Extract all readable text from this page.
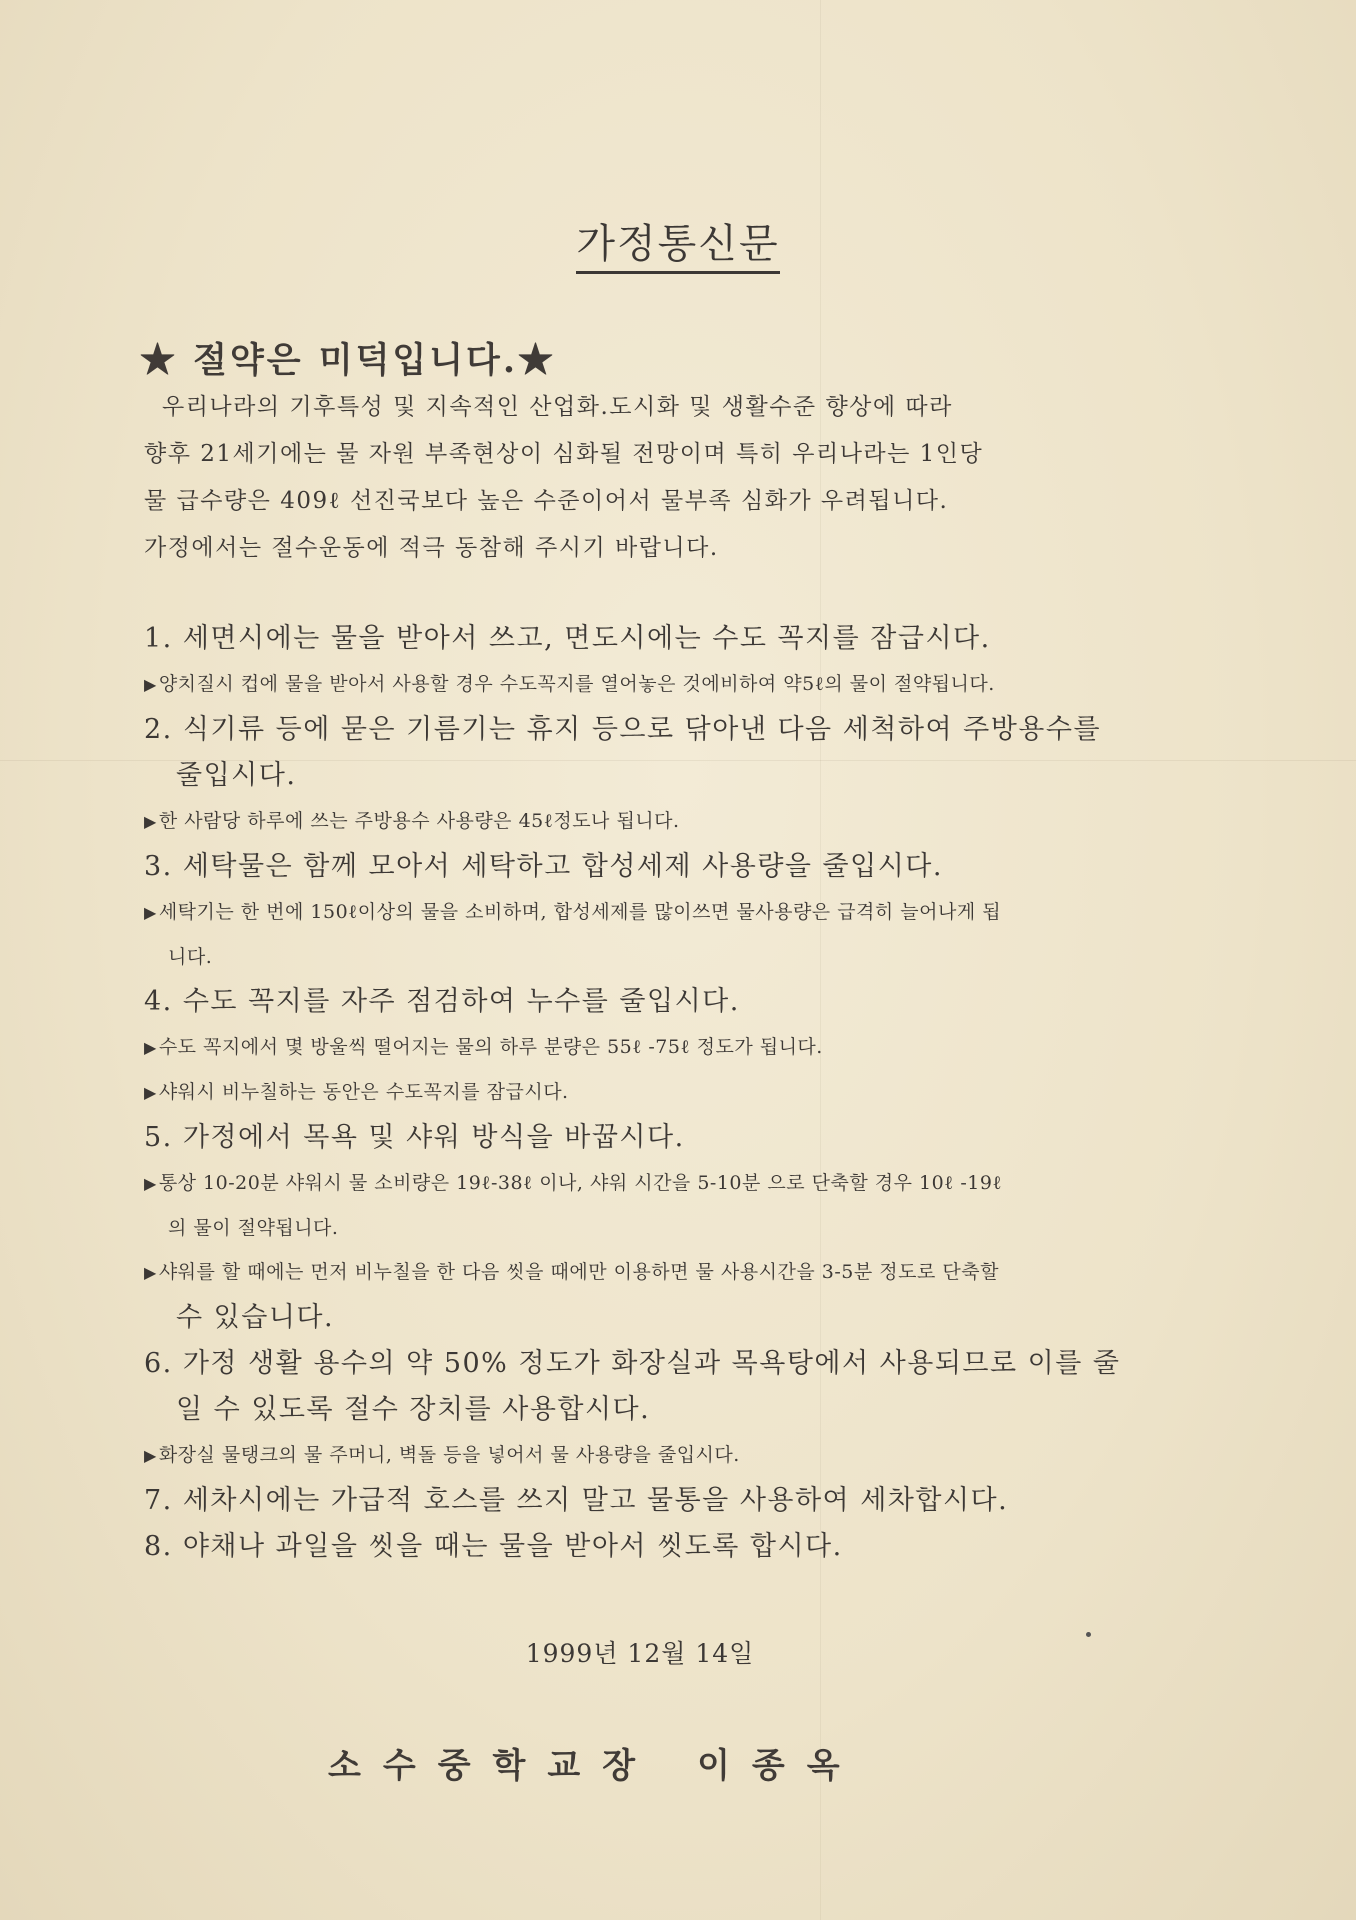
가정통신문
★ 절약은 미덕입니다.★
우리나라의 기후특성 및 지속적인 산업화.도시화 및 생활수준 향상에 따라
향후 21세기에는 물 자원 부족현상이 심화될 전망이며 특히 우리나라는 1인당
물 급수량은 409ℓ 선진국보다 높은 수준이어서 물부족 심화가 우려됩니다.
가정에서는 절수운동에 적극 동참해 주시기 바랍니다.
1. 세면시에는 물을 받아서 쓰고, 면도시에는 수도 꼭지를 잠급시다.
▶ 양치질시 컵에 물을 받아서 사용할 경우 수도꼭지를 열어놓은 것에비하여 약5ℓ의 물이 절약됩니다.
2. 식기류 등에 묻은 기름기는 휴지 등으로 닦아낸 다음 세척하여 주방용수를
줄입시다.
▶ 한 사람당 하루에 쓰는 주방용수 사용량은 45ℓ정도나 됩니다.
3. 세탁물은 함께 모아서 세탁하고 합성세제 사용량을 줄입시다.
▶ 세탁기는 한 번에 150ℓ이상의 물을 소비하며, 합성세제를 많이쓰면 물사용량은 급격히 늘어나게 됩
니다.
4. 수도 꼭지를 자주 점검하여 누수를 줄입시다.
▶ 수도 꼭지에서 몇 방울씩 떨어지는 물의 하루 분량은 55ℓ -75ℓ 정도가 됩니다.
▶ 샤워시 비누칠하는 동안은 수도꼭지를 잠급시다.
5. 가정에서 목욕 및 샤워 방식을 바꿉시다.
▶ 통상 10-20분 샤워시 물 소비량은 19ℓ-38ℓ 이나, 샤워 시간을 5-10분 으로 단축할 경우 10ℓ -19ℓ
의 물이 절약됩니다.
▶ 샤워를 할 때에는 먼저 비누칠을 한 다음 씻을 때에만 이용하면 물 사용시간을 3-5분 정도로 단축할
수 있습니다.
6. 가정 생활 용수의 약 50% 정도가 화장실과 목욕탕에서 사용되므로 이를 줄
일 수 있도록 절수 장치를 사용합시다.
▶ 화장실 물탱크의 물 주머니, 벽돌 등을 넣어서 물 사용량을 줄입시다.
7. 세차시에는 가급적 호스를 쓰지 말고 물통을 사용하여 세차합시다.
8. 야채나 과일을 씻을 때는 물을 받아서 씻도록 합시다.
1999년 12월 14일
소수중학교장 이종옥
